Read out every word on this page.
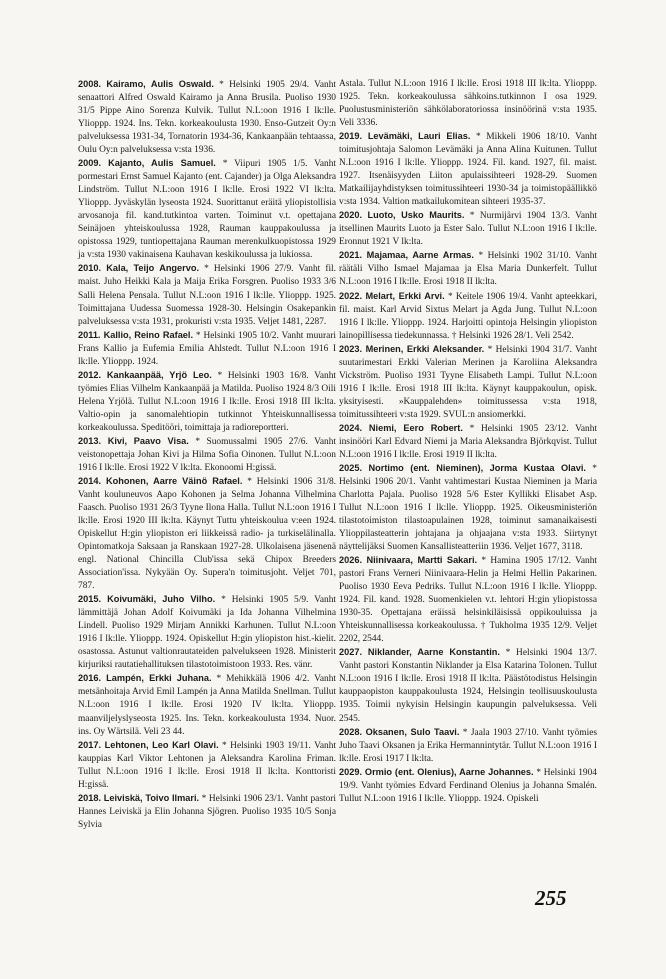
2008. Kairamo, Aulis Oswald. * Helsinki 1905 29/4. Vanht senaattori Alfred Oswald Kairamo ja Anna Brusila. Puoliso 1930 31/5 Pippe Aino Sorenza Kulvik. Tullut N.L:oon 1916 I lk:lle. Ylioppp. 1924. Ins. Tekn. korkeakoulusta 1930. Enso-Gutzeit Oy:n palveluksessa 1931-34, Tornatorin 1934-36, Kankaanpään tehtaassa, Oulu Oy:n palveluksessa v:sta 1936.

2009. Kajanto, Aulis Samuel. * Viipuri 1905 1/5. Vanht pormestari Ernst Samuel Kajanto (ent. Cajander) ja Olga Aleksandra Lindström. Tullut N.L:oon 1916 I lk:lle. Erosi 1922 VI lk:lta. Ylioppp. Jyväskylän lyseosta 1924. Suorittanut eräitä yliopistollisia arvosanoja fil. kand.tutkintoa varten. Toiminut v.t. opettajana Seinäjoen yhteiskoulussa 1928, Rauman kauppakoulussa ja opistossa 1929, tuntiopettajana Rauman merenkulkuopistossa 1929 ja v:sta 1930 vakinaisena Kauhavan keskikoulussa ja lukiossa.

2010. Kala, Teijo Angervo. * Helsinki 1906 27/9. Vanht fil. maist. Juho Heikki Kala ja Maija Erika Forsgren. Puoliso 1933 3/6 Salli Helena Pensala. Tullut N.L:oon 1916 I lk:lle. Ylioppp. 1925. Toimittajana Uudessa Suomessa 1928-30. Helsingin Osakepankin palveluksessa v:sta 1931, prokuristi v:sta 1935. Veljet 1481, 2287.

2011. Kallio, Reino Rafael. * Helsinki 1905 10/2. Vanht muurari Frans Kallio ja Eufemia Emilia Ahlstedt. Tullut N.L:oon 1916 I lk:lle. Ylioppp. 1924.

2012. Kankaanpää, Yrjö Leo. * Helsinki 1903 16/8. Vanht työmies Elias Vilhelm Kankaanpää ja Matilda. Puoliso 1924 8/3 Oili Helena Yrjölä. Tullut N.L:oon 1916 I lk:lle. Erosi 1918 III lk:lta. Valtio-opin ja sanomalehtiopin tutkinnot Yhteiskunnallisessa korkeakoulussa. Speditööri, toimittaja ja radioreportteri.

2013. Kivi, Paavo Visa. * Suomussalmi 1905 27/6. Vanht veistonopettaja Johan Kivi ja Hilma Sofia Oinonen. Tullut N.L:oon 1916 I lk:lle. Erosi 1922 V lk:lta. Ekonoomi H:gissä.

2014. Kohonen, Aarre Väinö Rafael. * Helsinki 1906 31/8. Vanht kouluneuvos Aapo Kohonen ja Selma Johanna Vilhelmina Faasch. Puoliso 1931 26/3 Tyyne Ilona Halla. Tullut N.L:oon 1916 I lk:lle. Erosi 1920 III lk:lta. Käynyt Tuttu yhteiskoulua v:een 1924. Opiskellut H:gin yliopiston eri liikkeissä radio- ja turkiselälinalla. Opintomatkoja Saksaan ja Ranskaan 1927-28. Ulkolaisena jäsenenä engl. National Chincilla Club'issa sekä Chipox Breeders Association'issa. Nykyään Oy. Supera'n toimitusjoht. Veljet 701, 787.

2015. Koivumäki, Juho Vilho. * Helsinki 1905 5/9. Vanht lämmittäjä Johan Adolf Koivumäki ja Ida Johanna Vilhelmina Lindell. Puoliso 1929 Mirjam Annikki Karhunen. Tullut N.L:oon 1916 I lk:lle. Ylioppp. 1924. Opiskellut H:gin yliopiston hist.-kielit. osastossa. Astunut valtionrautateiden palvelukseen 1928. Ministerit kirjuriksi rautatiehallituksen tilastotoimistoon 1933. Res. vänr.

2016. Lampén, Erkki Juhana. * Mehikkälä 1906 4/2. Vanht metsänhoitaja Arvid Emil Lampén ja Anna Matilda Snellman. Tullut N.L:oon 1916 I lk:lle. Erosi 1920 IV lk:lta. Ylioppp. maanviljelyslyseosta 1925. Ins. Tekn. korkeakoulusta 1934. Nuor. ins. Oy Wärtsilä. Veli 23 44.

2017. Lehtonen, Leo Karl Olavi. * Helsinki 1903 19/11. Vanht kauppias Karl Viktor Lehtonen ja Aleksandra Karolina Friman. Tullut N.L:oon 1916 I lk:lle. Erosi 1918 II lk:lta. Konttoristi H:gissä.

2018. Leiviskä, Toivo Ilmari. * Helsinki 1906 23/1. Vanht pastori Hannes Leiviskä ja Elin Johanna Sjögren. Puoliso 1935 10/5 Sonja Sylvia

Astala. Tullut N.L:oon 1916 I lk:lle. Erosi 1918 III lk:lta. Ylioppp. 1925. Tekn. korkeakoulussa sähkoins.tutkinnon I osa 1929. Puolustusministeriön sähkölaboratoriossa insinöörinä v:sta 1935. Veli 3336.

2019. Levämäki, Lauri Elias. * Mikkeli 1906 18/10. Vanht toimitusjohtaja Salomon Levämäki ja Anna Alina Kuitunen. Tullut N.L:oon 1916 I lk:lle. Ylioppp. 1924. Fil. kand. 1927, fil. maist. 1927. Itsenäisyyden Liiton apulaissihteeri 1928-29. Suomen Matkailijayhdistyksen toimitussihteeri 1930-34 ja toimistopäällikkö v:sta 1934. Valtion matkailukomitean sihteeri 1935-37.

2020. Luoto, Usko Maurits. * Nurmijärvi 1904 13/3. Vanht itsellinen Maurits Luoto ja Ester Salo. Tullut N.L:oon 1916 I lk:lle. Eronnut 1921 V lk:lta.

2021. Majamaa, Aarne Armas. * Helsinki 1902 31/10. Vanht räätäli Vilho Ismael Majamaa ja Elsa Maria Dunkerfelt. Tullut N.L:oon 1916 I lk:lle. Erosi 1918 II lk:lta.

2022. Melart, Erkki Arvi. * Keitele 1906 19/4. Vanht apteekkari, fil. maist. Karl Arvid Sixtus Melart ja Agda Jung. Tullut N.L:oon 1916 I lk:lle. Ylioppp. 1924. Harjoitti opintoja Helsingin yliopiston lainopillisessa tiedekunnassa. † Helsinki 1926 28/1. Veli 2542.

2023. Merinen, Erkki Aleksander. * Helsinki 1904 31/7. Vanht suutarimestari Erkki Valerian Merinen ja Karoliina Aleksandra Vickström. Puoliso 1931 Tyyne Elisabeth Lampi. Tullut N.L:oon 1916 I lk:lle. Erosi 1918 III lk:lta. Käynyt kauppakoulun, opisk. yksityisesti. »Kauppalehden» toimitussessa v:sta 1918, toimitussihteeri v:sta 1929. SVUL:n ansiomerkki.

2024. Niemi, Eero Robert. * Helsinki 1905 23/12. Vanht insinööri Karl Edvard Niemi ja Maria Aleksandra Björkqvist. Tullut N.L:oon 1916 I lk:lle. Erosi 1919 II lk:lta.

2025. Nortimo (ent. Nieminen), Jorma Kustaa Olavi. * Helsinki 1906 20/1. Vanht vahtimestari Kustaa Nieminen ja Maria Charlotta Pajala. Puoliso 1928 5/6 Ester Kyllikki Elisabet Asp. Tullut N.L:oon 1916 I lk:lle. Ylioppp. 1925. Oikeusministeriön tilastotoimiston tilastoapulainen 1928, toiminut samanaikaisesti Ylioppilasteatterin johtajana ja ohjaajana v:sta 1933. Siirtynyt näyttelijäksi Suomen Kansallisteatteriin 1936. Veljet 1677, 3118.

2026. Niinivaara, Martti Sakari. * Hamina 1905 17/12. Vanht pastori Frans Verneri Niinivaara-Helin ja Helmi Hellin Pakarinen. Puoliso 1930 Eeva Pedriks. Tullut N.L:oon 1916 I lk:lle. Ylioppp. 1924. Fil. kand. 1928. Suomenkielen v.t. lehtori H:gin yliopistossa 1930-35. Opettajana eräissä helsinkiläisissä oppikouluissa ja Yhteiskunnallisessa korkeakoulussa. † Tukholma 1935 12/9. Veljet 2202, 2544.

2027. Niklander, Aarne Konstantin. * Helsinki 1904 13/7. Vanht pastori Konstantin Niklander ja Elsa Katarina Tolonen. Tullut N.L:oon 1916 I lk:lle. Erosi 1918 II lk:lta. Päästötodistus Helsingin kauppaopiston kauppakoulusta 1924, Helsingin teollisuuskoulusta 1935. Toimii nykyisin Helsingin kaupungin palveluksessa. Veli 2545.

2028. Oksanen, Sulo Taavi. * Jaala 1903 27/10. Vanht työmies Juho Taavi Oksanen ja Erika Hermannintytär. Tullut N.L:oon 1916 I lk:lle. Erosi 1917 I lk:lta.

2029. Ormio (ent. Olenius), Aarne Johannes. * Helsinki 1904 19/9. Vanht työmies Edvard Ferdinand Olenius ja Johanna Smalén. Tullut N.L:oon 1916 I lk:lle. Ylioppp. 1924. Opiskeli

255
